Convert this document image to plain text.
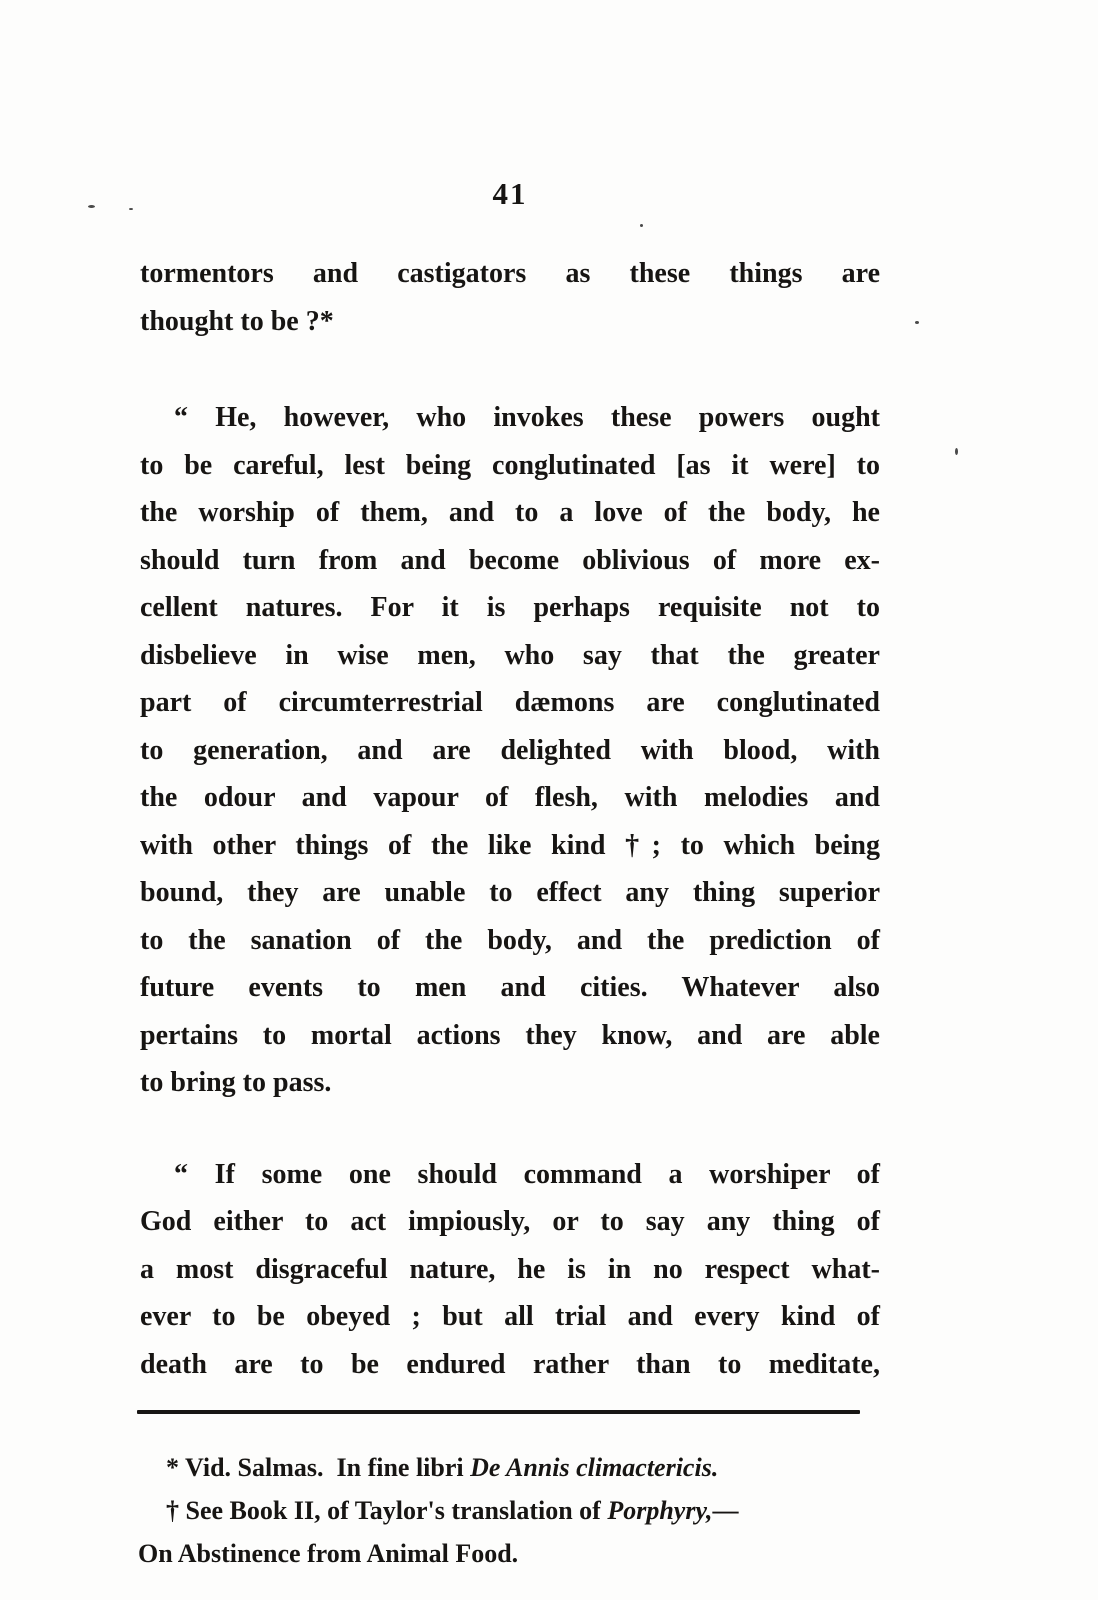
41
tormentors and castigators as these things are
thought to be ?*
“ He, however, who invokes these powers ought
to be careful, lest being conglutinated [as it were] to
the worship of them, and to a love of the body, he
should turn from and become oblivious of more ex-
cellent natures. For it is perhaps requisite not to
disbelieve in wise men, who say that the greater
part of circumterrestrial dæmons are conglutinated
to generation, and are delighted with blood, with
the odour and vapour of flesh, with melodies and
with other things of the like kind †; to which being
bound, they are unable to effect any thing superior
to the sanation of the body, and the prediction of
future events to men and cities. Whatever also
pertains to mortal actions they know, and are able
to bring to pass.
“ If some one should command a worshiper of
God either to act impiously, or to say any thing of
a most disgraceful nature, he is in no respect what-
ever to be obeyed ; but all trial and every kind of
death are to be endured rather than to meditate,
* Vid. Salmas.  In fine libri De Annis climactericis.
† See Book II, of Taylor's translation of Porphyry,—
On Abstinence from Animal Food.
